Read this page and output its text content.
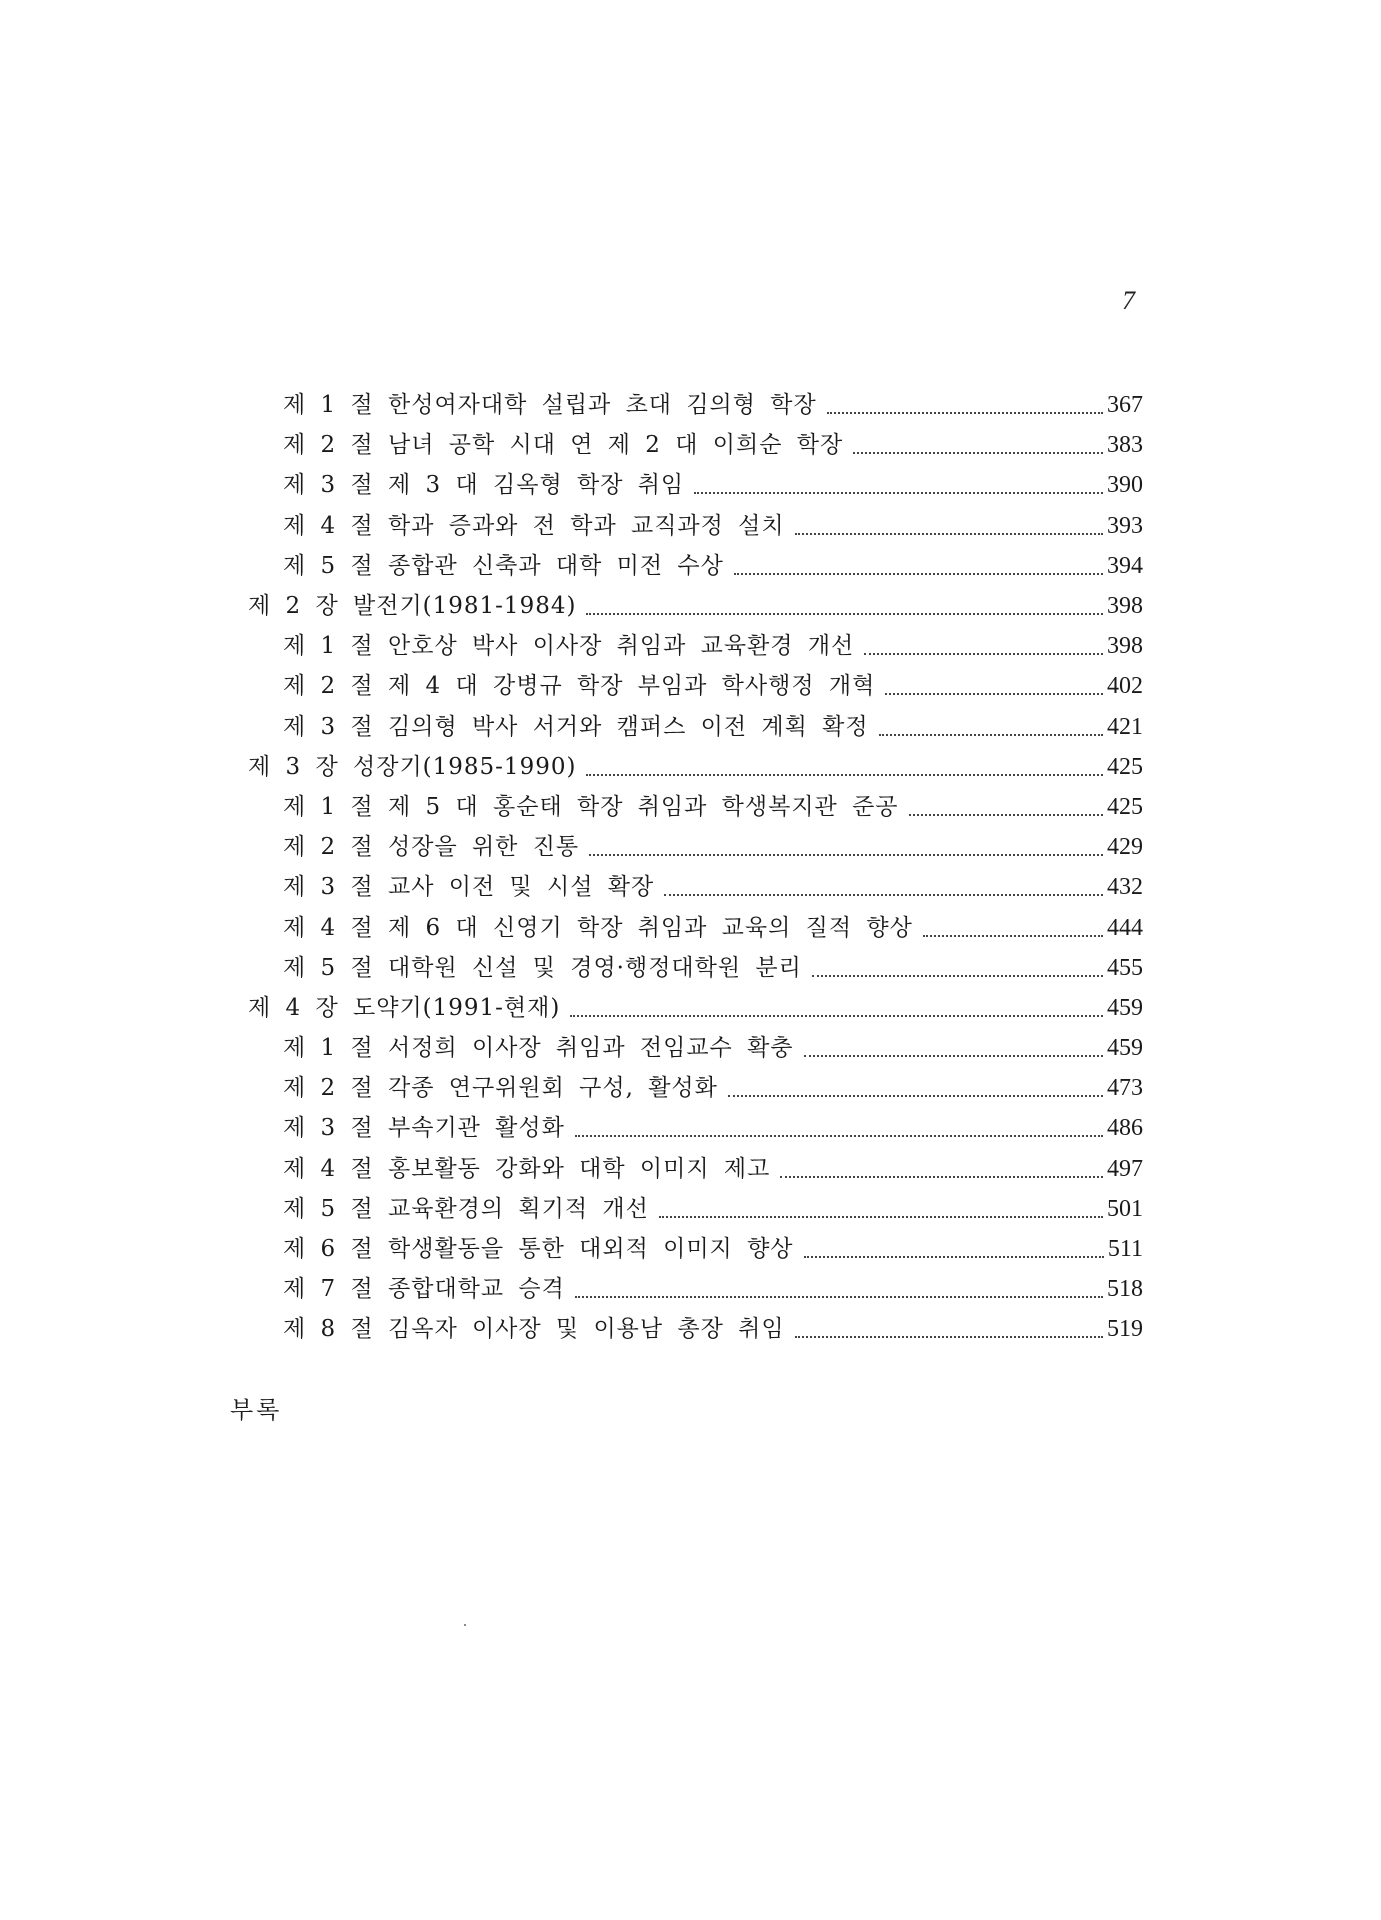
7
제 1 절 한성여자대학 설립과 초대 김의형 학장	367
제 2 절 남녀 공학 시대 연 제 2 대 이희순 학장	383
제 3 절 제 3 대 김옥형 학장 취임	390
제 4 절 학과 증과와 전 학과 교직과정 설치	393
제 5 절 종합관 신축과 대학 미전 수상	394
제 2 장 발전기(1981-1984)	398
제 1 절 안호상 박사 이사장 취임과 교육환경 개선	398
제 2 절 제 4 대 강병규 학장 부임과 학사행정 개혁	402
제 3 절 김의형 박사 서거와 캠퍼스 이전 계획 확정	421
제 3 장 성장기(1985-1990)	425
제 1 절 제 5 대 홍순태 학장 취임과 학생복지관 준공	425
제 2 절 성장을 위한 진통	429
제 3 절 교사 이전 및 시설 확장	432
제 4 절 제 6 대 신영기 학장 취임과 교육의 질적 향상	444
제 5 절 대학원 신설 및 경영·행정대학원 분리	455
제 4 장 도약기(1991-현재)	459
제 1 절 서정희 이사장 취임과 전임교수 확충	459
제 2 절 각종 연구위원회 구성, 활성화	473
제 3 절 부속기관 활성화	486
제 4 절 홍보활동 강화와 대학 이미지 제고	497
제 5 절 교육환경의 획기적 개선	501
제 6 절 학생활동을 통한 대외적 이미지 향상	511
제 7 절 종합대학교 승격	518
제 8 절 김옥자 이사장 및 이용남 총장 취임	519
부록
